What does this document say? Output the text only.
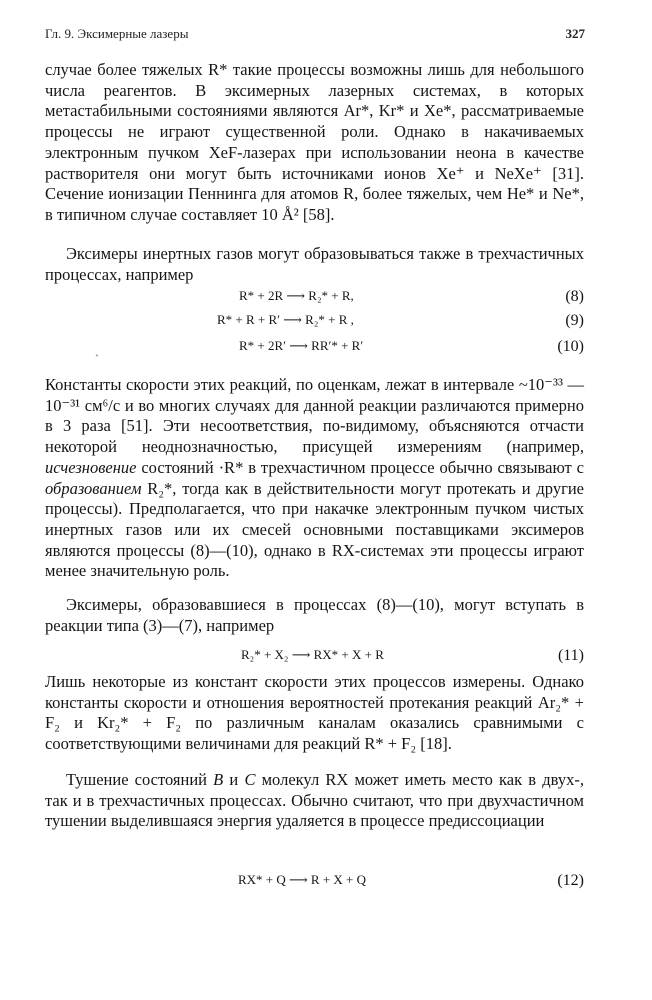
Гл. 9. Эксимерные лазеры	327

случае более тяжелых R* такие процессы возможны лишь для небольшого числа реагентов. В эксимерных лазерных системах, в которых метастабильными состояниями являются Ar*, Kr* и Xe*, рассматриваемые процессы не играют существенной роли. Однако в накачиваемых электронным пучком XeF-лазерах при использовании неона в качестве растворителя они могут быть источниками ионов Xe⁺ и NeXe⁺ [31]. Сечение ионизации Пеннинга для атомов R, более тяжелых, чем He* и Ne*, в типичном случае составляет 10 Å² [58].

Эксимеры инертных газов могут образовываться также в трехчастичных процессах, например

R* + 2R ⟶ R₂* + R,	(8)
R* + R + R′ ⟶ R₂* + R ,	(9)
R* + 2R′ ⟶ RR′* + R′	(10)
ˋ

Константы скорости этих реакций, по оценкам, лежат в интервале ~10⁻³³ — 10⁻³¹ см⁶/с и во многих случаях для данной реакции различаются примерно в 3 раза [51]. Эти несоответствия, по-видимому, объясняются отчасти некоторой неоднозначностью, присущей измерениям (например, исчезновение состояний ·R* в трехчастичном процессе обычно связывают с образованием R₂*, тогда как в действительности могут протекать и другие процессы). Предполагается, что при накачке электронным пучком чистых инертных газов или их смесей основными поставщиками эксимеров являются процессы (8)—(10), однако в RX-системах эти процессы играют менее значительную роль.

Эксимеры, образовавшиеся в процессах (8)—(10), могут вступать в реакции типа (3)—(7), например

R₂* + X₂ ⟶ RX* + X + R	(11)

Лишь некоторые из констант скорости этих процессов измерены. Однако константы скорости и отношения вероятностей протекания реакций Ar₂* + F₂ и Kr₂* + F₂ по различным каналам оказались сравнимыми с соответствующими величинами для реакций R* + F₂ [18].

Тушение состояний B и C молекул RX может иметь место как в двух-, так и в трехчастичных процессах. Обычно считают, что при двухчастичном тушении выделившаяся энергия удаляется в процессе предиссоциации

RX* + Q ⟶ R + X + Q	(12)
